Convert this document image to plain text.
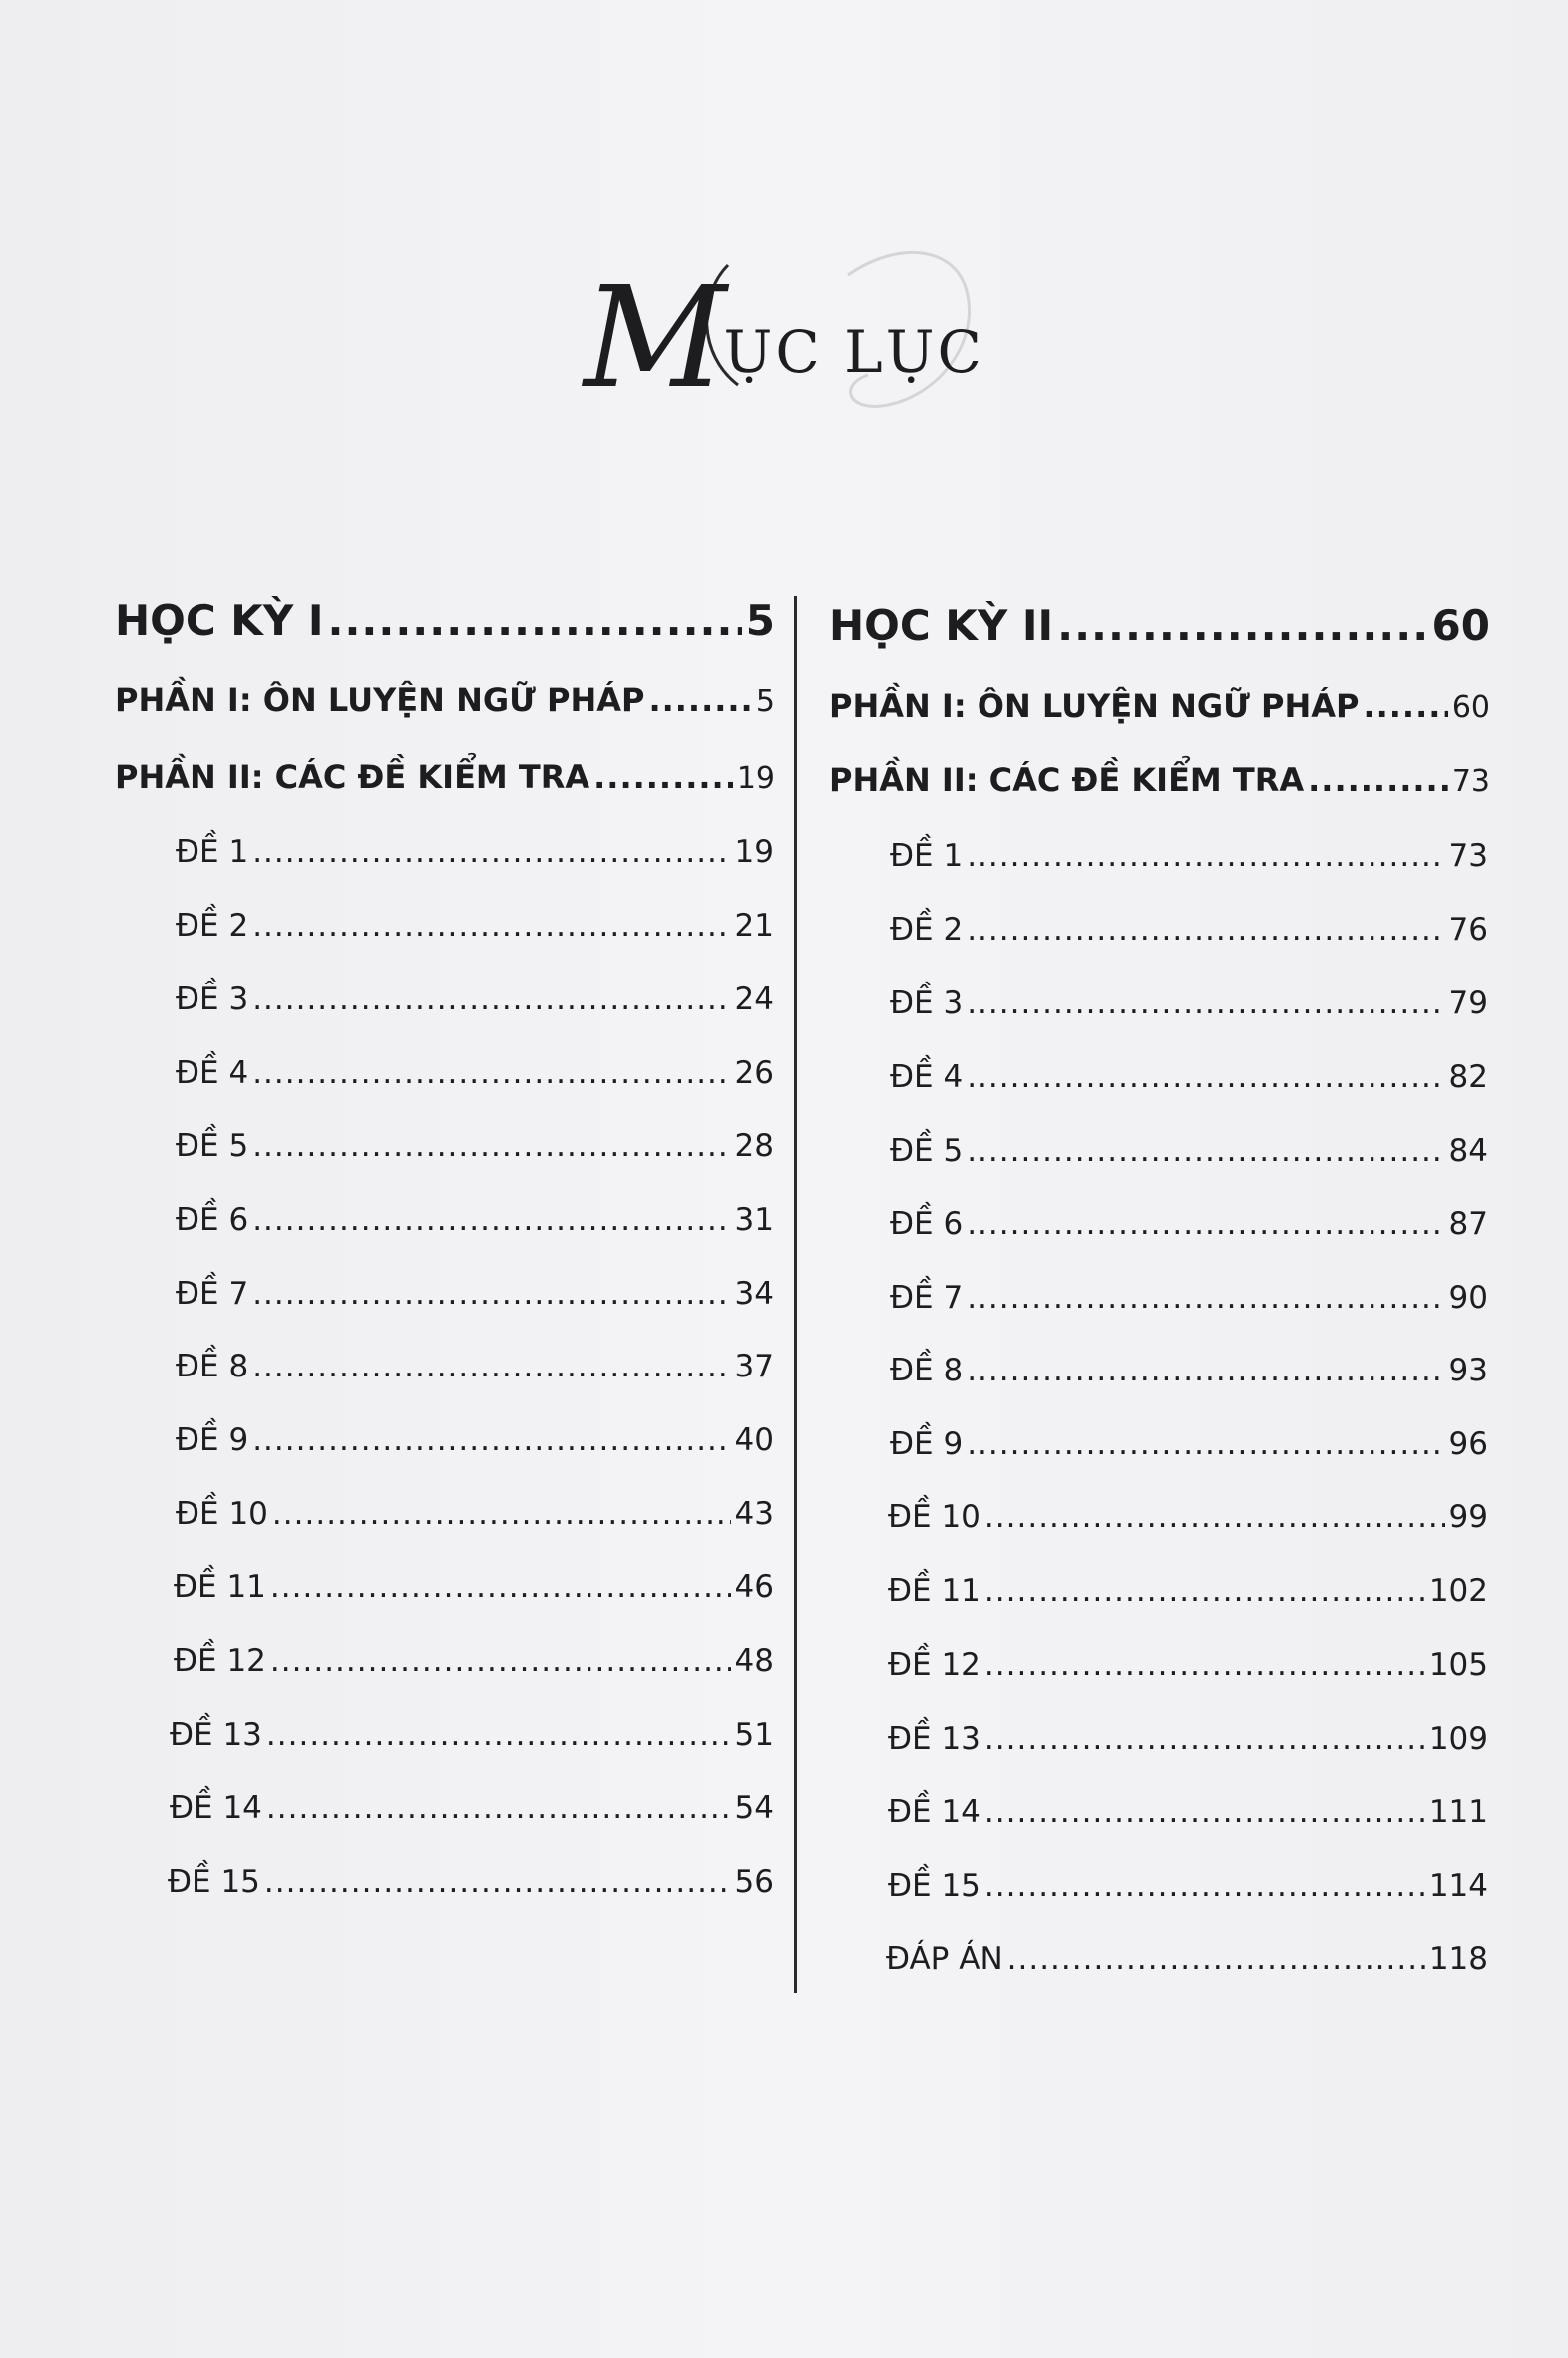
MỤC LỤC
HỌC KỲ I .....	5
PHẦN I: ÔN LUYỆN NGỮ PHÁP .....	5
PHẦN II: CÁC ĐỀ KIỂM TRA .....	19
ĐỀ 1 .....	19
ĐỀ 2 .....	21
ĐỀ 3 .....	24
ĐỀ 4 .....	26
ĐỀ 5 .....	28
ĐỀ 6 .....	31
ĐỀ 7 .....	34
ĐỀ 8 .....	37
ĐỀ 9 .....	40
ĐỀ 10 .....	43
ĐỀ 11 .....	46
ĐỀ 12 .....	48
ĐỀ 13 .....	51
ĐỀ 14 .....	54
ĐỀ 15 .....	56
HỌC KỲ II .....	60
PHẦN I: ÔN LUYỆN NGỮ PHÁP .....	60
PHẦN II: CÁC ĐỀ KIỂM TRA .....	73
ĐỀ 1 .....	73
ĐỀ 2 .....	76
ĐỀ 3 .....	79
ĐỀ 4 .....	82
ĐỀ 5 .....	84
ĐỀ 6 .....	87
ĐỀ 7 .....	90
ĐỀ 8 .....	93
ĐỀ 9 .....	96
ĐỀ 10 .....	99
ĐỀ 11 .....	102
ĐỀ 12 .....	105
ĐỀ 13 .....	109
ĐỀ 14 .....	111
ĐỀ 15 .....	114
ĐÁP ÁN .....	118
